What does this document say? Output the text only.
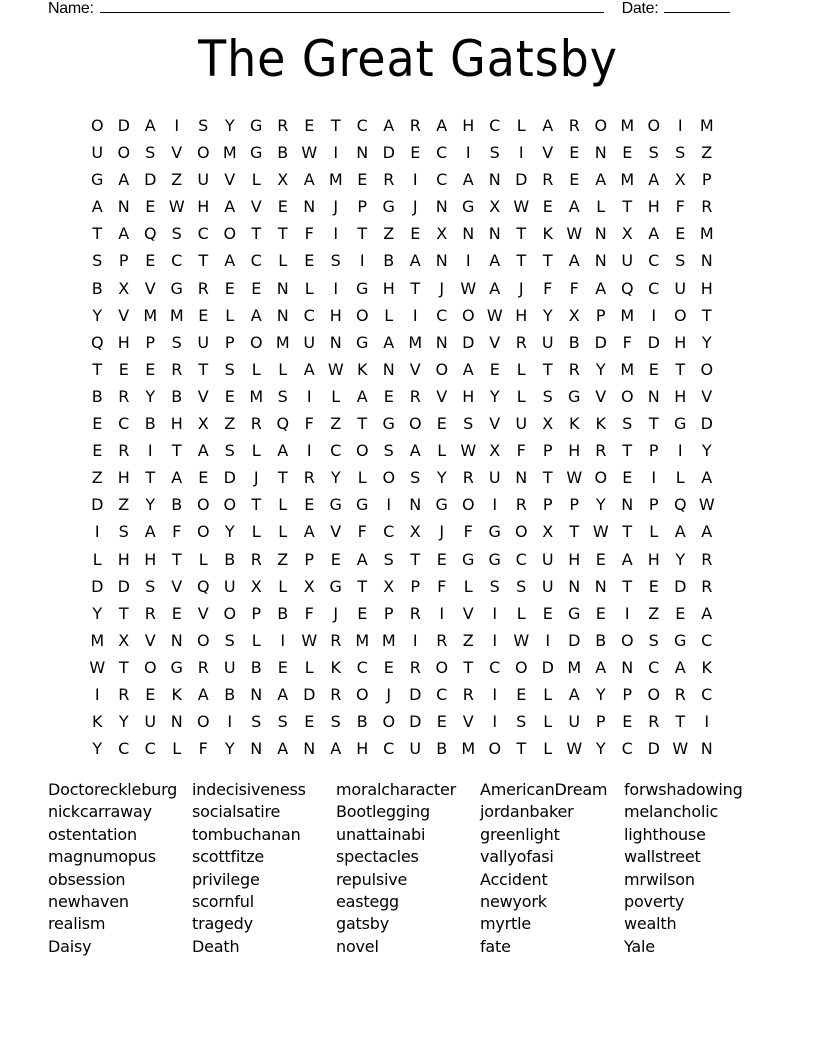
Name:	Date:
The Great Gatsby
O D A	I	S	Y G R E	T	C A R A H C	L	A R O M O	I	M
U O S V O M G B W	I	N D E C	I	S	I	V E N E	S	S Z
G A D Z U V	L	X A M E R	I	C A N D R E A M A X	P
A N E W H A V E N	J	P G	J	N G X W E A	L	T H F	R
T	A Q S C O T	T	F	I	T	Z E X N N T	K W N X A E M
S	P	E C	T	A C	L	E	S	I	B A N	I	A	T	T	A N U C S N
B X V G R E	E N	L	I	G H T	J	W A	J	F	F	A Q C U H
Y	V M M E	L	A N C H O L	I	C O W H Y	X	P M	I	O T
Q H P	S U P O M U N G A M N D V R U B D F D H Y
T	E	E R	T	S	L	L	A W K N V O A E	L	T	R	Y M E	T O
B R	Y	B V E M S	I	L	A E R V H Y	L	S G V O N H V
E C B H X Z R Q F	Z	T G O E	S V U X K	K	S	T G D
E R	I	T	A S	L	A	I	C O S A	L W X	F	P H R	T	P	I	Y
Z H T	A E D	J	T	R	Y	L O S	Y	R U N T W O E	I	L	A
D Z	Y	B O O T	L	E G G	I	N G O	I	R	P	P	Y N P Q W
I	S A	F O Y	L	L	A V	F	C X	J	F G O X	T W T	L	A A
L	H H T	L	B R Z	P	E A S	T	E G G C U H E A H Y	R
D D S V Q U X	L	X G T	X	P	F	L	S	S U N N T	E D R
Y	T	R E V O P	B	F	J	E	P	R	I	V	I	L	E G E	I	Z E A
M X V N O S	L	I	W R M M	I	R Z	I	W	I	D B O S G C
W T O G R U B E	L	K C E R O T	C O D M A N C A K
I	R E	K A B N A D R O	J	D C R	I	E	L	A	Y	P O R C
K	Y U N O	I	S	S	E	S B O D E V	I	S	L	U P	E R	T	I
Y	C C	L	F	Y N A N A H C U B M O T	L W Y	C D W N
Doctoreckleburg
nickcarraway
ostentation
magnumopus
obsession
newhaven
realism
Daisy
indecisiveness
socialsatire
tombuchanan
scottfitze
privilege
scornful
tragedy
Death
moralcharacter
Bootlegging
unattainabi
spectacles
repulsive
eastegg
gatsby
novel
AmericanDream
jordanbaker
greenlight
vallyofasi
Accident
newyork
myrtle
fate
forwshadowing
melancholic
lighthouse
wallstreet
mrwilson
poverty
wealth
Yale
